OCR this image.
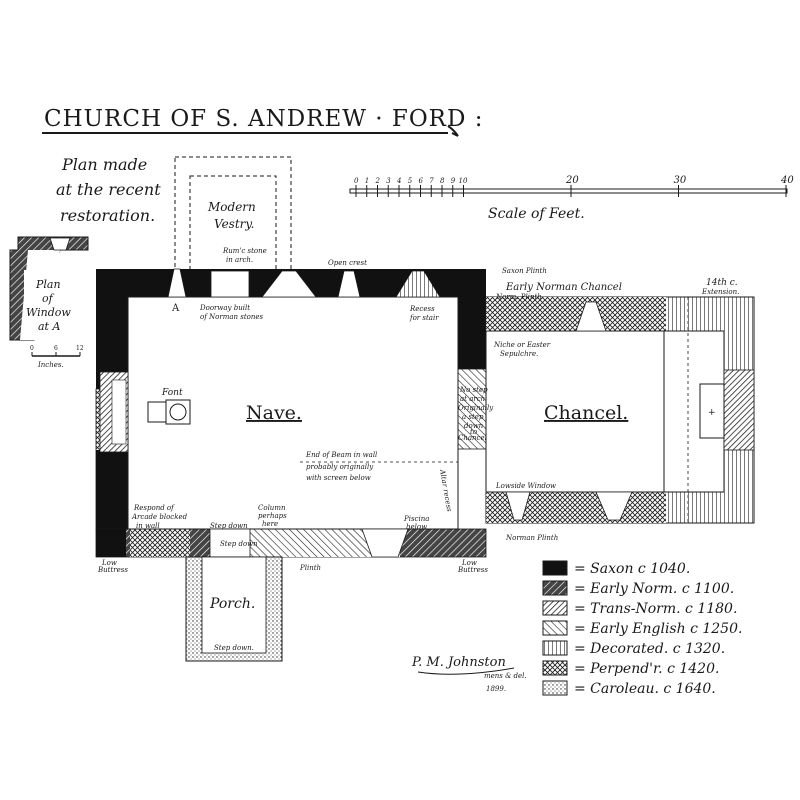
CHURCH OF S. ANDREW · FORD :
Plan made
at the recent
restoration.
Plan
of
Window
at A
0	6	12
Inches.
0 1 2 3 4 5 6 7 8 9 10	20	30	40
Scale of Feet.
Modern
Vestry.
Porch.
+
Font
Nave.	Chancel.
A
Rum'c stone
in arch.	Open crest
Saxon Plinth
Early Norman Chancel
Norm. Plinth
14th c.
Extension.
Doorway built
of Norman stones
Recess
for stair
Niche or Easter
Sepulchre.
No step
at arch
Originally
a step
down
to
Chancel
End of Beam in wall
probably originally
with screen below	Altar recess	Lowside Window
Respond of
Arcade blocked
in wall
Column
perhaps
here
Step down
Step down
Step down.
Piscina
below
Norman Plinth
Low
Buttress
Low
Buttress
Plinth	= Saxon c 1040.
= Early Norm. c 1100.
= Trans-Norm. c 1180.
= Early English c 1250.
= Decorated. c 1320.
= Perpend'r. c 1420.
= Caroleau. c 1640.
P. M. Johnston
mens & del.
1899.
